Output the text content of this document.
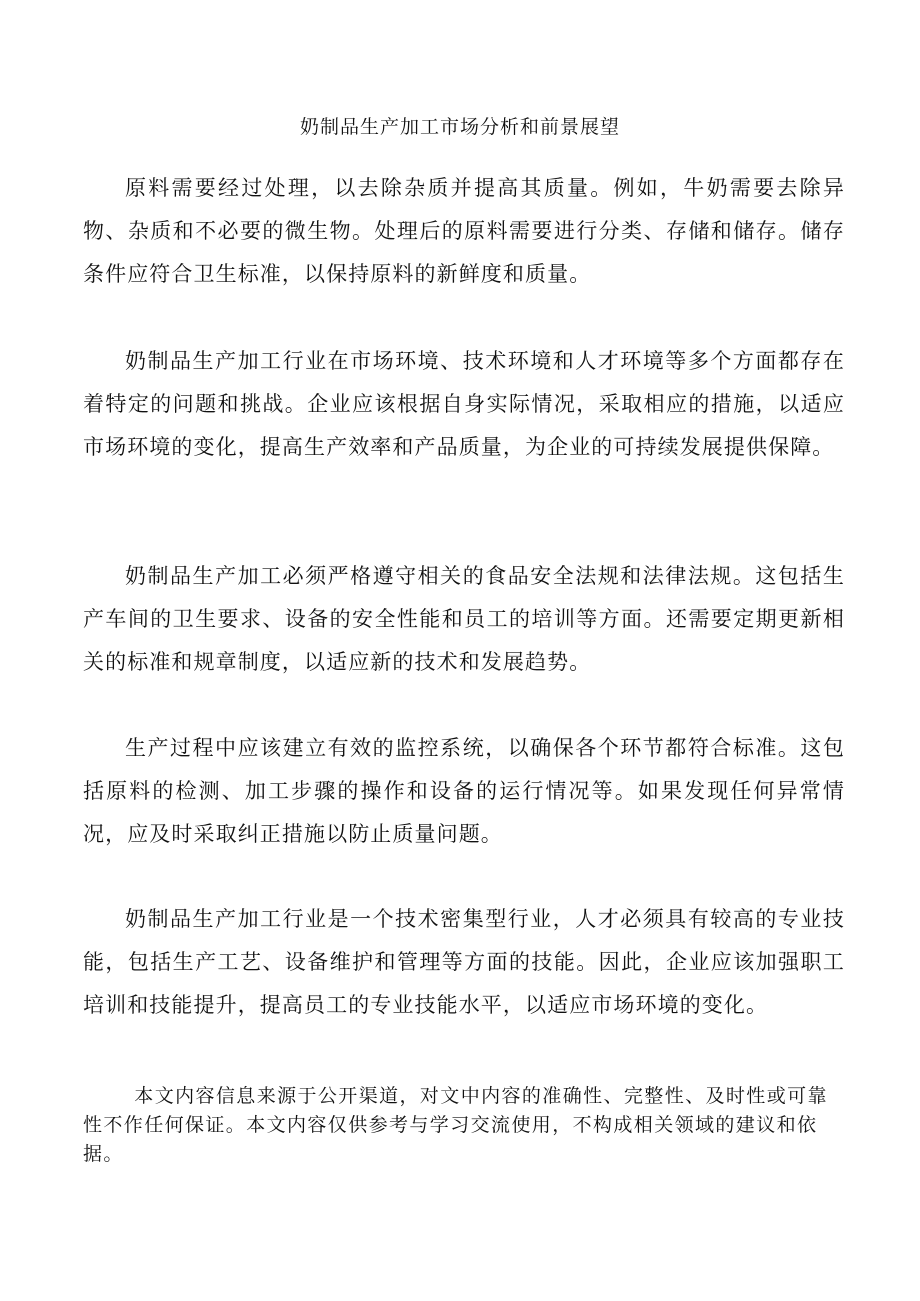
奶制品生产加工市场分析和前景展望

原料需要经过处理，以去除杂质并提高其质量。例如，牛奶需要去除异物、杂质和不必要的微生物。处理后的原料需要进行分类、存储和储存。储存条件应符合卫生标准，以保持原料的新鲜度和质量。

奶制品生产加工行业在市场环境、技术环境和人才环境等多个方面都存在着特定的问题和挑战。企业应该根据自身实际情况，采取相应的措施，以适应市场环境的变化，提高生产效率和产品质量，为企业的可持续发展提供保障。

奶制品生产加工必须严格遵守相关的食品安全法规和法律法规。这包括生产车间的卫生要求、设备的安全性能和员工的培训等方面。还需要定期更新相关的标准和规章制度，以适应新的技术和发展趋势。

生产过程中应该建立有效的监控系统，以确保各个环节都符合标准。这包括原料的检测、加工步骤的操作和设备的运行情况等。如果发现任何异常情况，应及时采取纠正措施以防止质量问题。

奶制品生产加工行业是一个技术密集型行业，人才必须具有较高的专业技能，包括生产工艺、设备维护和管理等方面的技能。因此，企业应该加强职工培训和技能提升，提高员工的专业技能水平，以适应市场环境的变化。

本文内容信息来源于公开渠道，对文中内容的准确性、完整性、及时性或可靠性不作任何保证。本文内容仅供参考与学习交流使用，不构成相关领域的建议和依据。
